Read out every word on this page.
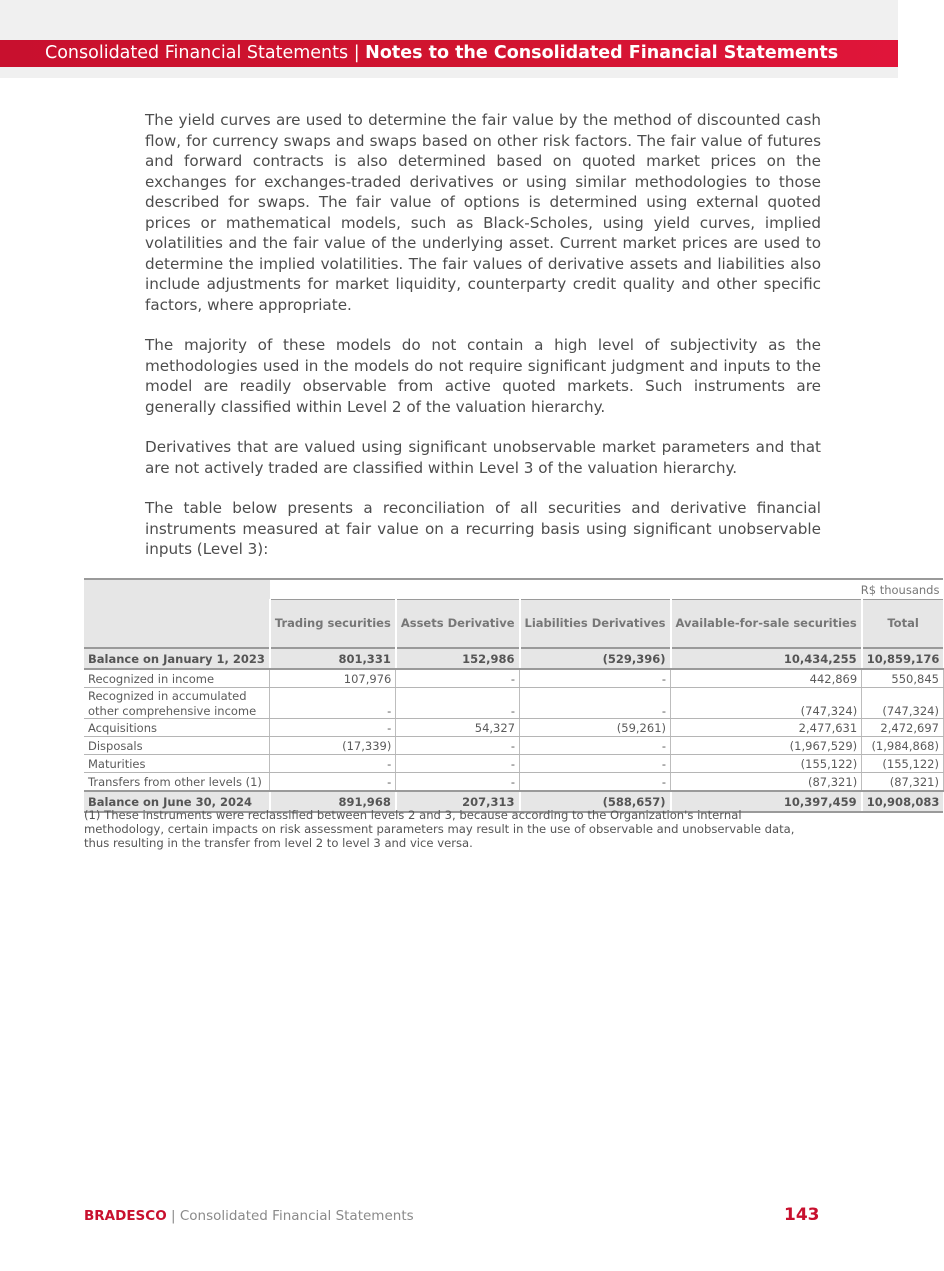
Consolidated Financial Statements | Notes to the Consolidated Financial Statements

The yield curves are used to determine the fair value by the method of discounted cash flow, for currency swaps and swaps based on other risk factors. The fair value of futures and forward contracts is also determined based on quoted market prices on the exchanges for exchanges-traded derivatives or using similar methodologies to those described for swaps. The fair value of options is determined using external quoted prices or mathematical models, such as Black-Scholes, using yield curves, implied volatilities and the fair value of the underlying asset. Current market prices are used to determine the implied volatilities. The fair values of derivative assets and liabilities also include adjustments for market liquidity, counterparty credit quality and other specific factors, where appropriate.

The majority of these models do not contain a high level of subjectivity as the methodologies used in the models do not require significant judgment and inputs to the model are readily observable from active quoted markets. Such instruments are generally classified within Level 2 of the valuation hierarchy.

Derivatives that are valued using significant unobservable market parameters and that are not actively traded are classified within Level 3 of the valuation hierarchy.

The table below presents a reconciliation of all securities and derivative financial instruments measured at fair value on a recurring basis using significant unobservable inputs (Level 3):

	R$ thousands				
	Trading securities	Assets Derivative	Liabilities Derivatives	Available-for-sale securities	Total
Balance on January 1, 2023	801,331	152,986	(529,396)	10,434,255	10,859,176
Recognized in income	107,976	-	-	442,869	550,845
Recognized in accumulated other comprehensive income	-	-	-	(747,324)	(747,324)
Acquisitions	-	54,327	(59,261)	2,477,631	2,472,697
Disposals	(17,339)	-	-	(1,967,529)	(1,984,868)
Maturities	-	-	-	(155,122)	(155,122)
Transfers from other levels (1)	-	-	-	(87,321)	(87,321)
Balance on June 30, 2024	891,968	207,313	(588,657)	10,397,459	10,908,083
(1) These instruments were reclassified between levels 2 and 3, because according to the Organization's internal methodology, certain impacts on risk assessment parameters may result in the use of observable and unobservable data, thus resulting in the transfer from level 2 to level 3 and vice versa.
BRADESCO | Consolidated Financial Statements	143
